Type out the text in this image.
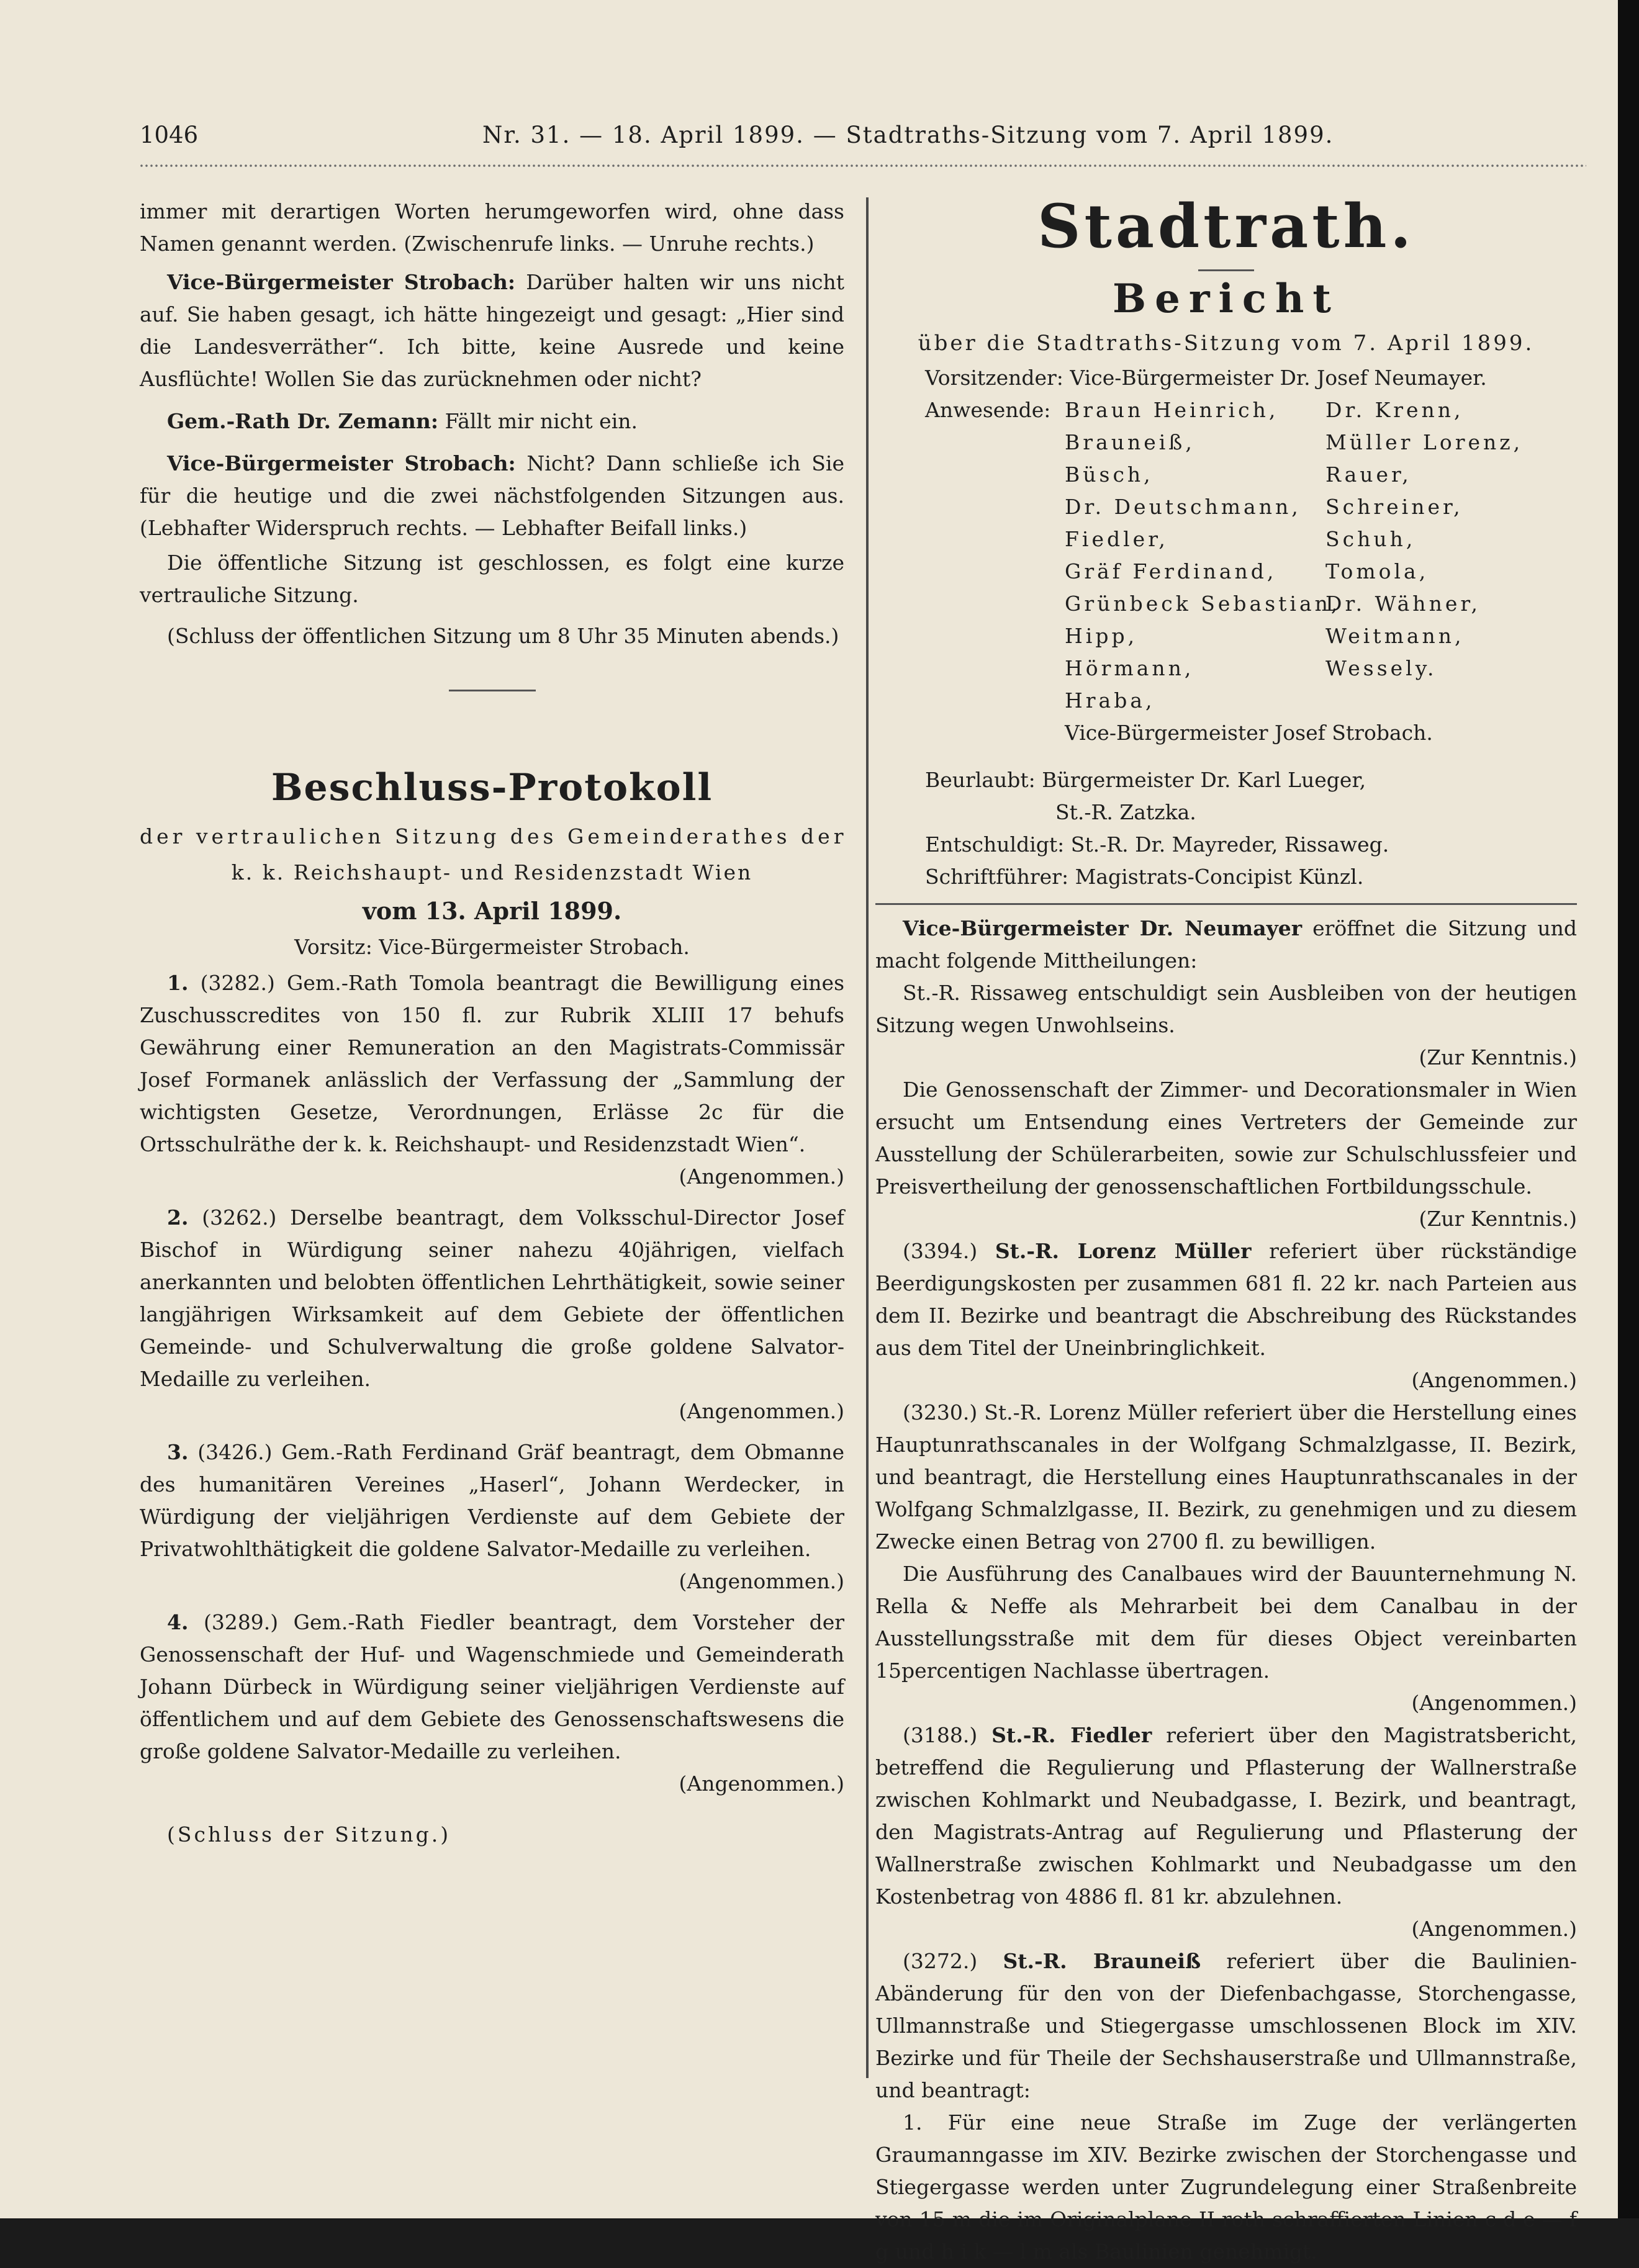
1046	Nr. 31. — 18. April 1899. — Stadtraths-Sitzung vom 7. April 1899.

immer mit derartigen Worten herumgeworfen wird, ohne dass Namen genannt werden. (Zwischenrufe links. — Unruhe rechts.)

Vice-Bürgermeister Strobach: Darüber halten wir uns nicht auf. Sie haben gesagt, ich hätte hingezeigt und gesagt: „Hier sind die Landesverräther“. Ich bitte, keine Ausrede und keine Ausflüchte! Wollen Sie das zurücknehmen oder nicht?

Gem.-Rath Dr. Zemann: Fällt mir nicht ein.

Vice-Bürgermeister Strobach: Nicht? Dann schließe ich Sie für die heutige und die zwei nächstfolgenden Sitzungen aus. (Lebhafter Widerspruch rechts. — Lebhafter Beifall links.)

Die öffentliche Sitzung ist geschlossen, es folgt eine kurze vertrauliche Sitzung.

(Schluss der öffentlichen Sitzung um 8 Uhr 35 Minuten abends.)

Beschluss-Protokoll
der vertraulichen Sitzung des Gemeinderathes der
k. k. Reichshaupt- und Residenzstadt Wien
vom 13. April 1899.
Vorsitz: Vice-Bürgermeister Strobach.

1. (3282.) Gem.-Rath Tomola beantragt die Bewilligung eines Zuschusscredites von 150 fl. zur Rubrik XLIII 17 behufs Gewährung einer Remuneration an den Magistrats-Commissär Josef Formanek anlässlich der Verfassung der „Sammlung der wichtigsten Gesetze, Verordnungen, Erlässe 2c für die Ortsschulräthe der k. k. Reichshaupt- und Residenzstadt Wien“.

(Angenommen.)

2. (3262.) Derselbe beantragt, dem Volksschul-Director Josef Bischof in Würdigung seiner nahezu 40jährigen, vielfach anerkannten und belobten öffentlichen Lehrthätigkeit, sowie seiner langjährigen Wirksamkeit auf dem Gebiete der öffentlichen Gemeinde- und Schulverwaltung die große goldene Salvator-Medaille zu verleihen.

(Angenommen.)

3. (3426.) Gem.-Rath Ferdinand Gräf beantragt, dem Obmanne des humanitären Vereines „Haserl“, Johann Werdecker, in Würdigung der vieljährigen Verdienste auf dem Gebiete der Privatwohlthätigkeit die goldene Salvator-Medaille zu verleihen.

(Angenommen.)

4. (3289.) Gem.-Rath Fiedler beantragt, dem Vorsteher der Genossenschaft der Huf- und Wagenschmiede und Gemeinderath Johann Dürbeck in Würdigung seiner vieljährigen Verdienste auf öffentlichem und auf dem Gebiete des Genossenschaftswesens die große goldene Salvator-Medaille zu verleihen.

(Angenommen.)

(Schluss der Sitzung.)

Stadtrath.
Bericht
über die Stadtraths-Sitzung vom 7. April 1899.
Vorsitzender: Vice-Bürgermeister Dr. Josef Neumayer.
Anwesende: Braun Heinrich,
Brauneiß,
Büsch,
Dr. Deutschmann,
Fiedler,
Gräf Ferdinand,
Grünbeck Sebastian,
Hipp,
Hörmann,
Hraba,
Dr. Krenn,
Müller Lorenz,
Rauer,
Schreiner,
Schuh,
Tomola,
Dr. Wähner,
Weitmann,
Wessely.
Vice-Bürgermeister Josef Strobach.
Beurlaubt: Bürgermeister Dr. Karl Lueger,
St.-R. Zatzka.
Entschuldigt: St.-R. Dr. Mayreder, Rissaweg.
Schriftführer: Magistrats-Concipist Künzl.

Vice-Bürgermeister Dr. Neumayer eröffnet die Sitzung und macht folgende Mittheilungen:

St.-R. Rissaweg entschuldigt sein Ausbleiben von der heutigen Sitzung wegen Unwohlseins.

(Zur Kenntnis.)

Die Genossenschaft der Zimmer- und Decorationsmaler in Wien ersucht um Entsendung eines Vertreters der Gemeinde zur Ausstellung der Schülerarbeiten, sowie zur Schulschlussfeier und Preisvertheilung der genossenschaftlichen Fortbildungsschule.

(Zur Kenntnis.)

(3394.) St.-R. Lorenz Müller referiert über rückständige Beerdigungskosten per zusammen 681 fl. 22 kr. nach Parteien aus dem II. Bezirke und beantragt die Abschreibung des Rückstandes aus dem Titel der Uneinbringlichkeit.

(Angenommen.)

(3230.) St.-R. Lorenz Müller referiert über die Herstellung eines Hauptunrathscanales in der Wolfgang Schmalzlgasse, II. Bezirk, und beantragt, die Herstellung eines Hauptunrathscanales in der Wolfgang Schmalzlgasse, II. Bezirk, zu genehmigen und zu diesem Zwecke einen Betrag von 2700 fl. zu bewilligen.

Die Ausführung des Canalbaues wird der Bauunternehmung N. Rella & Neffe als Mehrarbeit bei dem Canalbau in der Ausstellungsstraße mit dem für dieses Object vereinbarten 15percentigen Nachlasse übertragen.

(Angenommen.)

(3188.) St.-R. Fiedler referiert über den Magistratsbericht, betreffend die Regulierung und Pflasterung der Wallnerstraße zwischen Kohlmarkt und Neubadgasse, I. Bezirk, und beantragt, den Magistrats-Antrag auf Regulierung und Pflasterung der Wallnerstraße zwischen Kohlmarkt und Neubadgasse um den Kostenbetrag von 4886 fl. 81 kr. abzulehnen.

(Angenommen.)

(3272.) St.-R. Brauneiß referiert über die Baulinien-Abänderung für den von der Diefenbachgasse, Storchengasse, Ullmannstraße und Stiegergasse umschlossenen Block im XIV. Bezirke und für Theile der Sechshauserstraße und Ullmannstraße, und beantragt:

1. Für eine neue Straße im Zuge der verlängerten Graumanngasse im XIV. Bezirke zwischen der Storchengasse und Stiegergasse werden unter Zugrundelegung einer Straßenbreite von 15 m die im Originalplane II roth schraffierten Linien c d e — f g und h i k — l m als Baulinien genehmigt.
